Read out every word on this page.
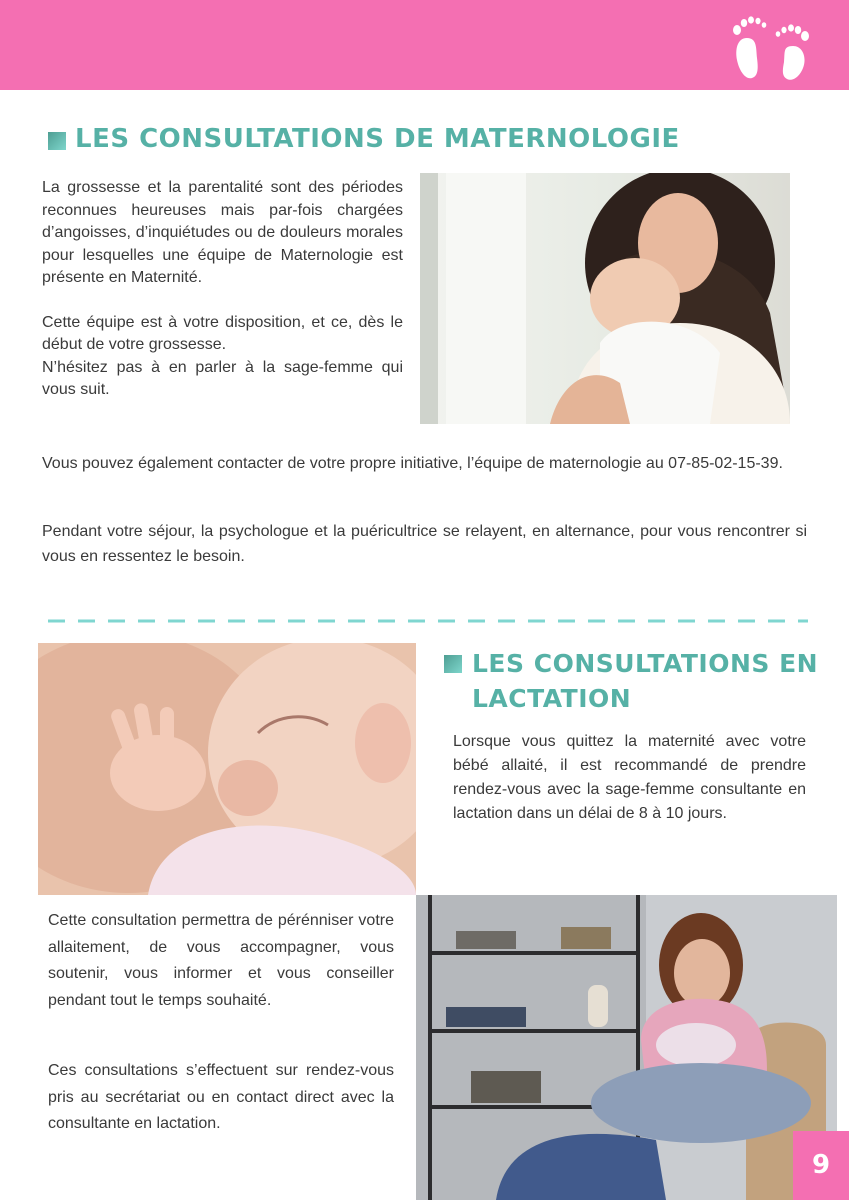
LES CONSULTATIONS DE MATERNOLOGIE
La grossesse et la parentalité sont des périodes reconnues heureuses mais par-fois chargées d’angoisses, d’inquiétudes ou de douleurs morales pour lesquelles une équipe de Maternologie est présente en Maternité.
Cette équipe est à votre disposition, et ce, dès le début de votre grossesse.
N’hésitez pas à en parler à la sage-femme qui vous suit.

Vous pouvez également contacter de votre propre initiative, l’équipe de maternologie au 07-85-02-15-39.

Pendant votre séjour, la psychologue et la puéricultrice se relayent, en alternance, pour vous rencontrer si vous en ressentez le besoin.

LES CONSULTATIONS EN
LACTATION

Lorsque vous quittez la maternité avec votre bébé allaité, il est recommandé de prendre rendez-vous avec la sage-femme consultante en lactation dans un délai de 8 à 10 jours.

Cette consultation permettra de pérénniser votre allaitement, de vous accompagner, vous soutenir, vous informer et vous conseiller pendant tout le temps souhaité.

Ces consultations s’effectuent sur rendez-vous pris au secrétariat ou en contact direct avec la consultante en lactation.

9
